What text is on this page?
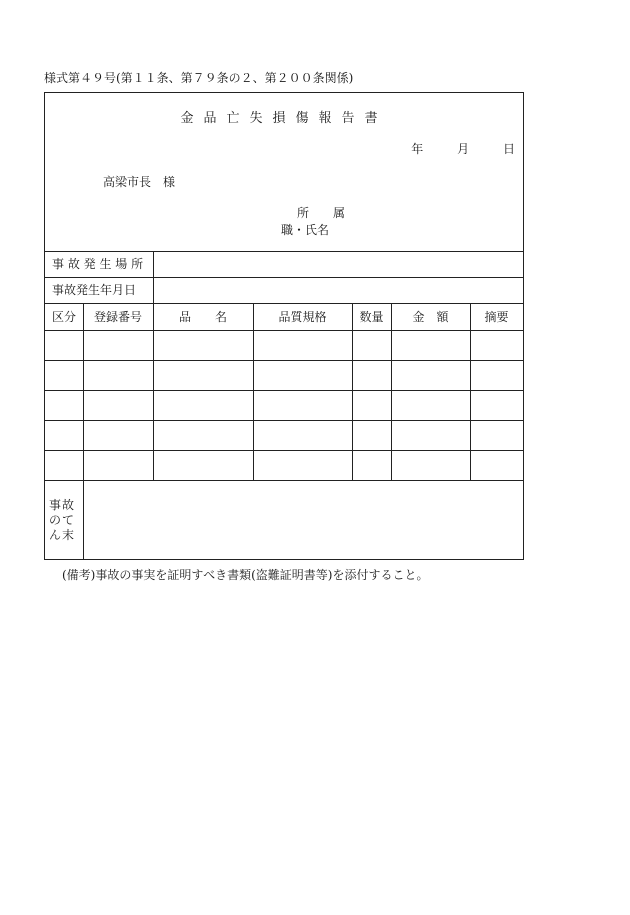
様式第４９号(第１１条、第７９条の２、第２００条関係)
金品亡失損傷報告書
年	月	日
高梁市長　様
所　　属
職・氏名
事 故 発 生 場 所
事故発生年月日
区分	登録番号	品　　名	品質規格	数量	金　額	摘要
事故のてん末
(備考)事故の事実を証明すべき書類(盗難証明書等)を添付すること。
